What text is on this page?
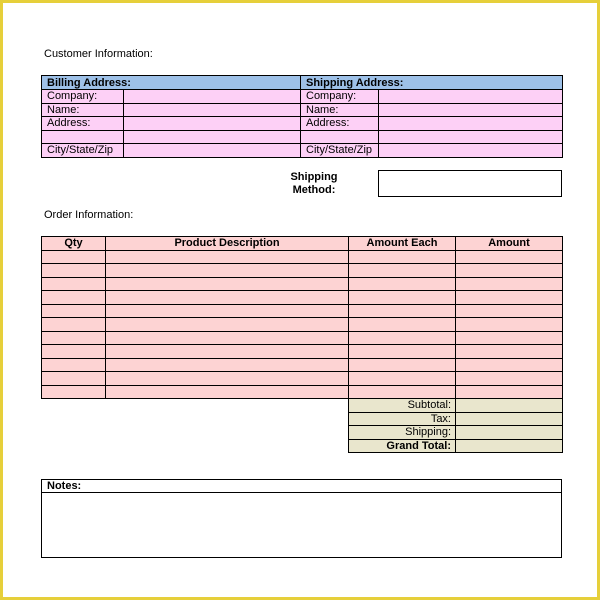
Customer Information:
Billing Address:		Shipping Address:	
Company:		Company:	
Name:		Name:	
Address:		Address:	

City/State/Zip		City/State/Zip	
Shipping
Method:
Order Information:
Qty	Product Description	Amount Each	Amount

Subtotal:	
Tax:	
Shipping:	
Grand Total:	
Notes:
